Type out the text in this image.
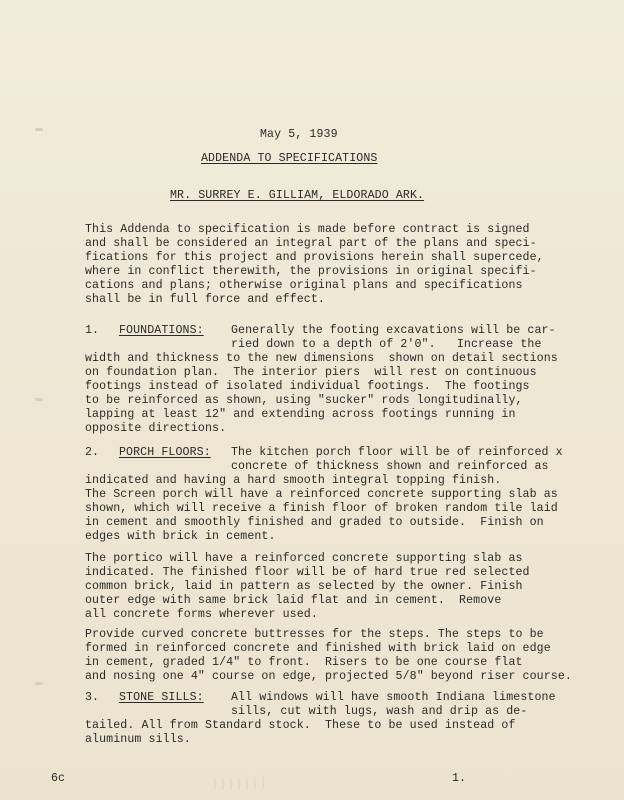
May 5, 1939
ADDENDA TO SPECIFICATIONS
MR. SURREY E. GILLIAM, ELDORADO ARK.
This Addenda to specification is made before contract is signed
and shall be considered an integral part of the plans and speci-
fications for this project and provisions herein shall supercede,
where in conflict therewith, the provisions in original specifi-
cations and plans; otherwise original plans and specifications
shall be in full force and effect.
1. FOUNDATIONS: Generally the footing excavations will be car-
ried down to a depth of 2'0".   Increase the
width and thickness to the new dimensions  shown on detail sections
on foundation plan.  The interior piers  will rest on continuous
footings instead of isolated individual footings.  The footings
to be reinforced as shown, using "sucker" rods longitudinally,
lapping at least 12" and extending across footings running in
opposite directions.
2. PORCH FLOORS: The kitchen porch floor will be of reinforced x
concrete of thickness shown and reinforced as
indicated and having a hard smooth integral topping finish.
The Screen porch will have a reinforced concrete supporting slab as
shown, which will receive a finish floor of broken random tile laid
in cement and smoothly finished and graded to outside.  Finish on
edges with brick in cement.
The portico will have a reinforced concrete supporting slab as
indicated. The finished floor will be of hard true red selected
common brick, laid in pattern as selected by the owner. Finish
outer edge with same brick laid flat and in cement.  Remove
all concrete forms wherever used.
Provide curved concrete buttresses for the steps. The steps to be
formed in reinforced concrete and finished with brick laid on edge
in cement, graded 1/4" to front.  Risers to be one course flat
and nosing one 4" course on edge, projected 5/8" beyond riser course.
3. STONE SILLS: All windows will have smooth Indiana limestone
sills, cut with lugs, wash and drip as de-
tailed. All from Standard stock.  These to be used instead of
aluminum sills.
6c	1.
│││││││
